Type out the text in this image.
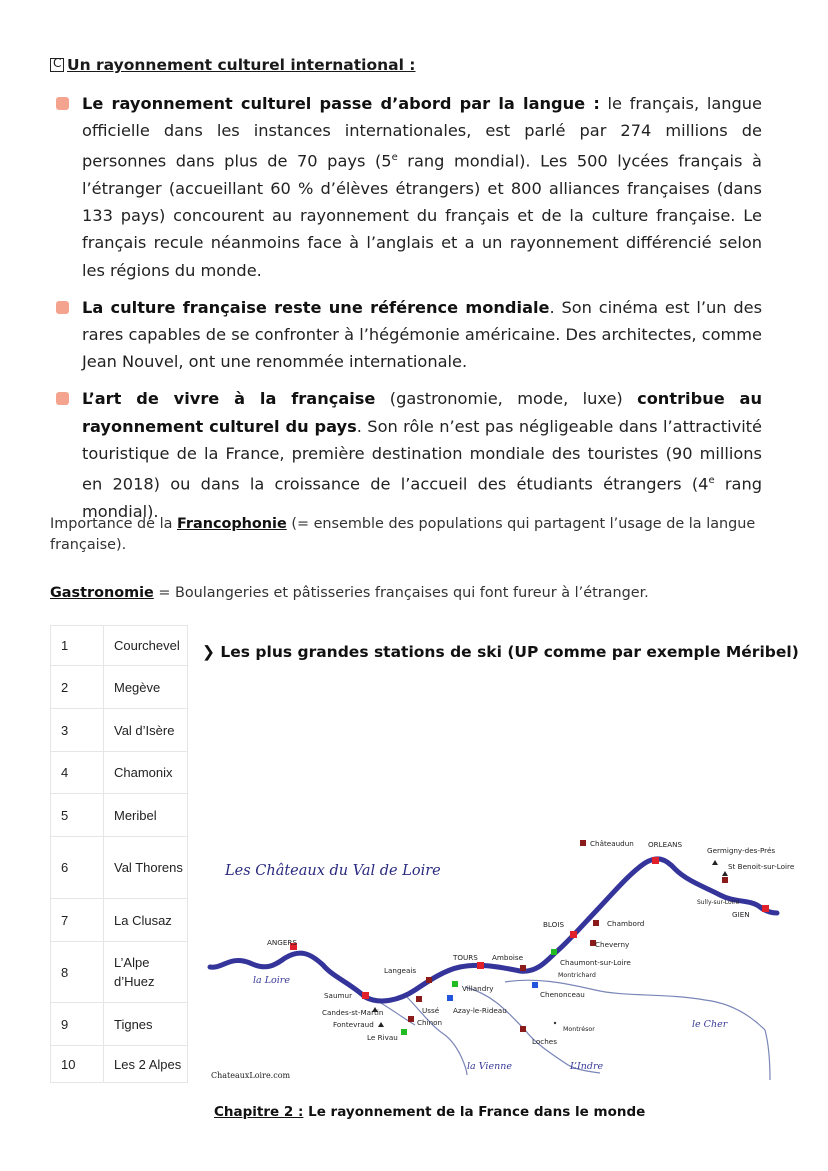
CUn rayonnement culturel international :
Le rayonnement culturel passe d’abord par la langue : le français, langue officielle dans les instances internationales, est parlé par 274 millions de personnes dans plus de 70 pays (5e rang mondial). Les 500 lycées français à l’étranger (accueillant 60 % d’élèves étrangers) et 800 alliances françaises (dans 133 pays) concourent au rayonnement du français et de la culture française. Le français recule néanmoins face à l’anglais et a un rayonnement différencié selon les régions du monde.
La culture française reste une référence mondiale. Son cinéma est l’un des rares capables de se confronter à l’hégémonie américaine. Des architectes, comme Jean Nouvel, ont une renommée internationale.
L’art de vivre à la française (gastronomie, mode, luxe) contribue au rayonnement culturel du pays. Son rôle n’est pas négligeable dans l’attractivité touristique de la France, première destination mondiale des touristes (90 millions en 2018) ou dans la croissance de l’accueil des étudiants étrangers (4e rang mondial).
Importance de la Francophonie (= ensemble des populations qui partagent l’usage de la langue française).
Gastronomie = Boulangeries et pâtisseries françaises qui font fureur à l’étranger.
1	Courchevel
2	Megève
3	Val d’Isère
4	Chamonix
5	Meribel
6	Val Thorens
7	La Clusaz
8	L’Alpe d’Huez
9	Tignes
10	Les 2 Alpes
❯ Les plus grandes stations de ski (UP comme par exemple Méribel)
Les Châteaux du Val de Loire
la Loire
la Vienne	L’Indre
le Cher
Châteaudun ORLEANS
Germigny-des-Prés
St Benoit-sur-Loire
Sully-sur-Loire
GIEN
BLOIS	Chambord
Cheverny
Chaumont-sur-Loire
Montrichard
Chenonceau
ANGERS
Langeais
TOURS Amboise
Villandry
Saumur
Candes-st-Martin	Ussé Azay-le-Rideau
Fontevraud	Chinon
Le Rivau
Montrésor
Loches
ChateauxLoire.com
Chapitre 2 : Le rayonnement de la France dans le monde
